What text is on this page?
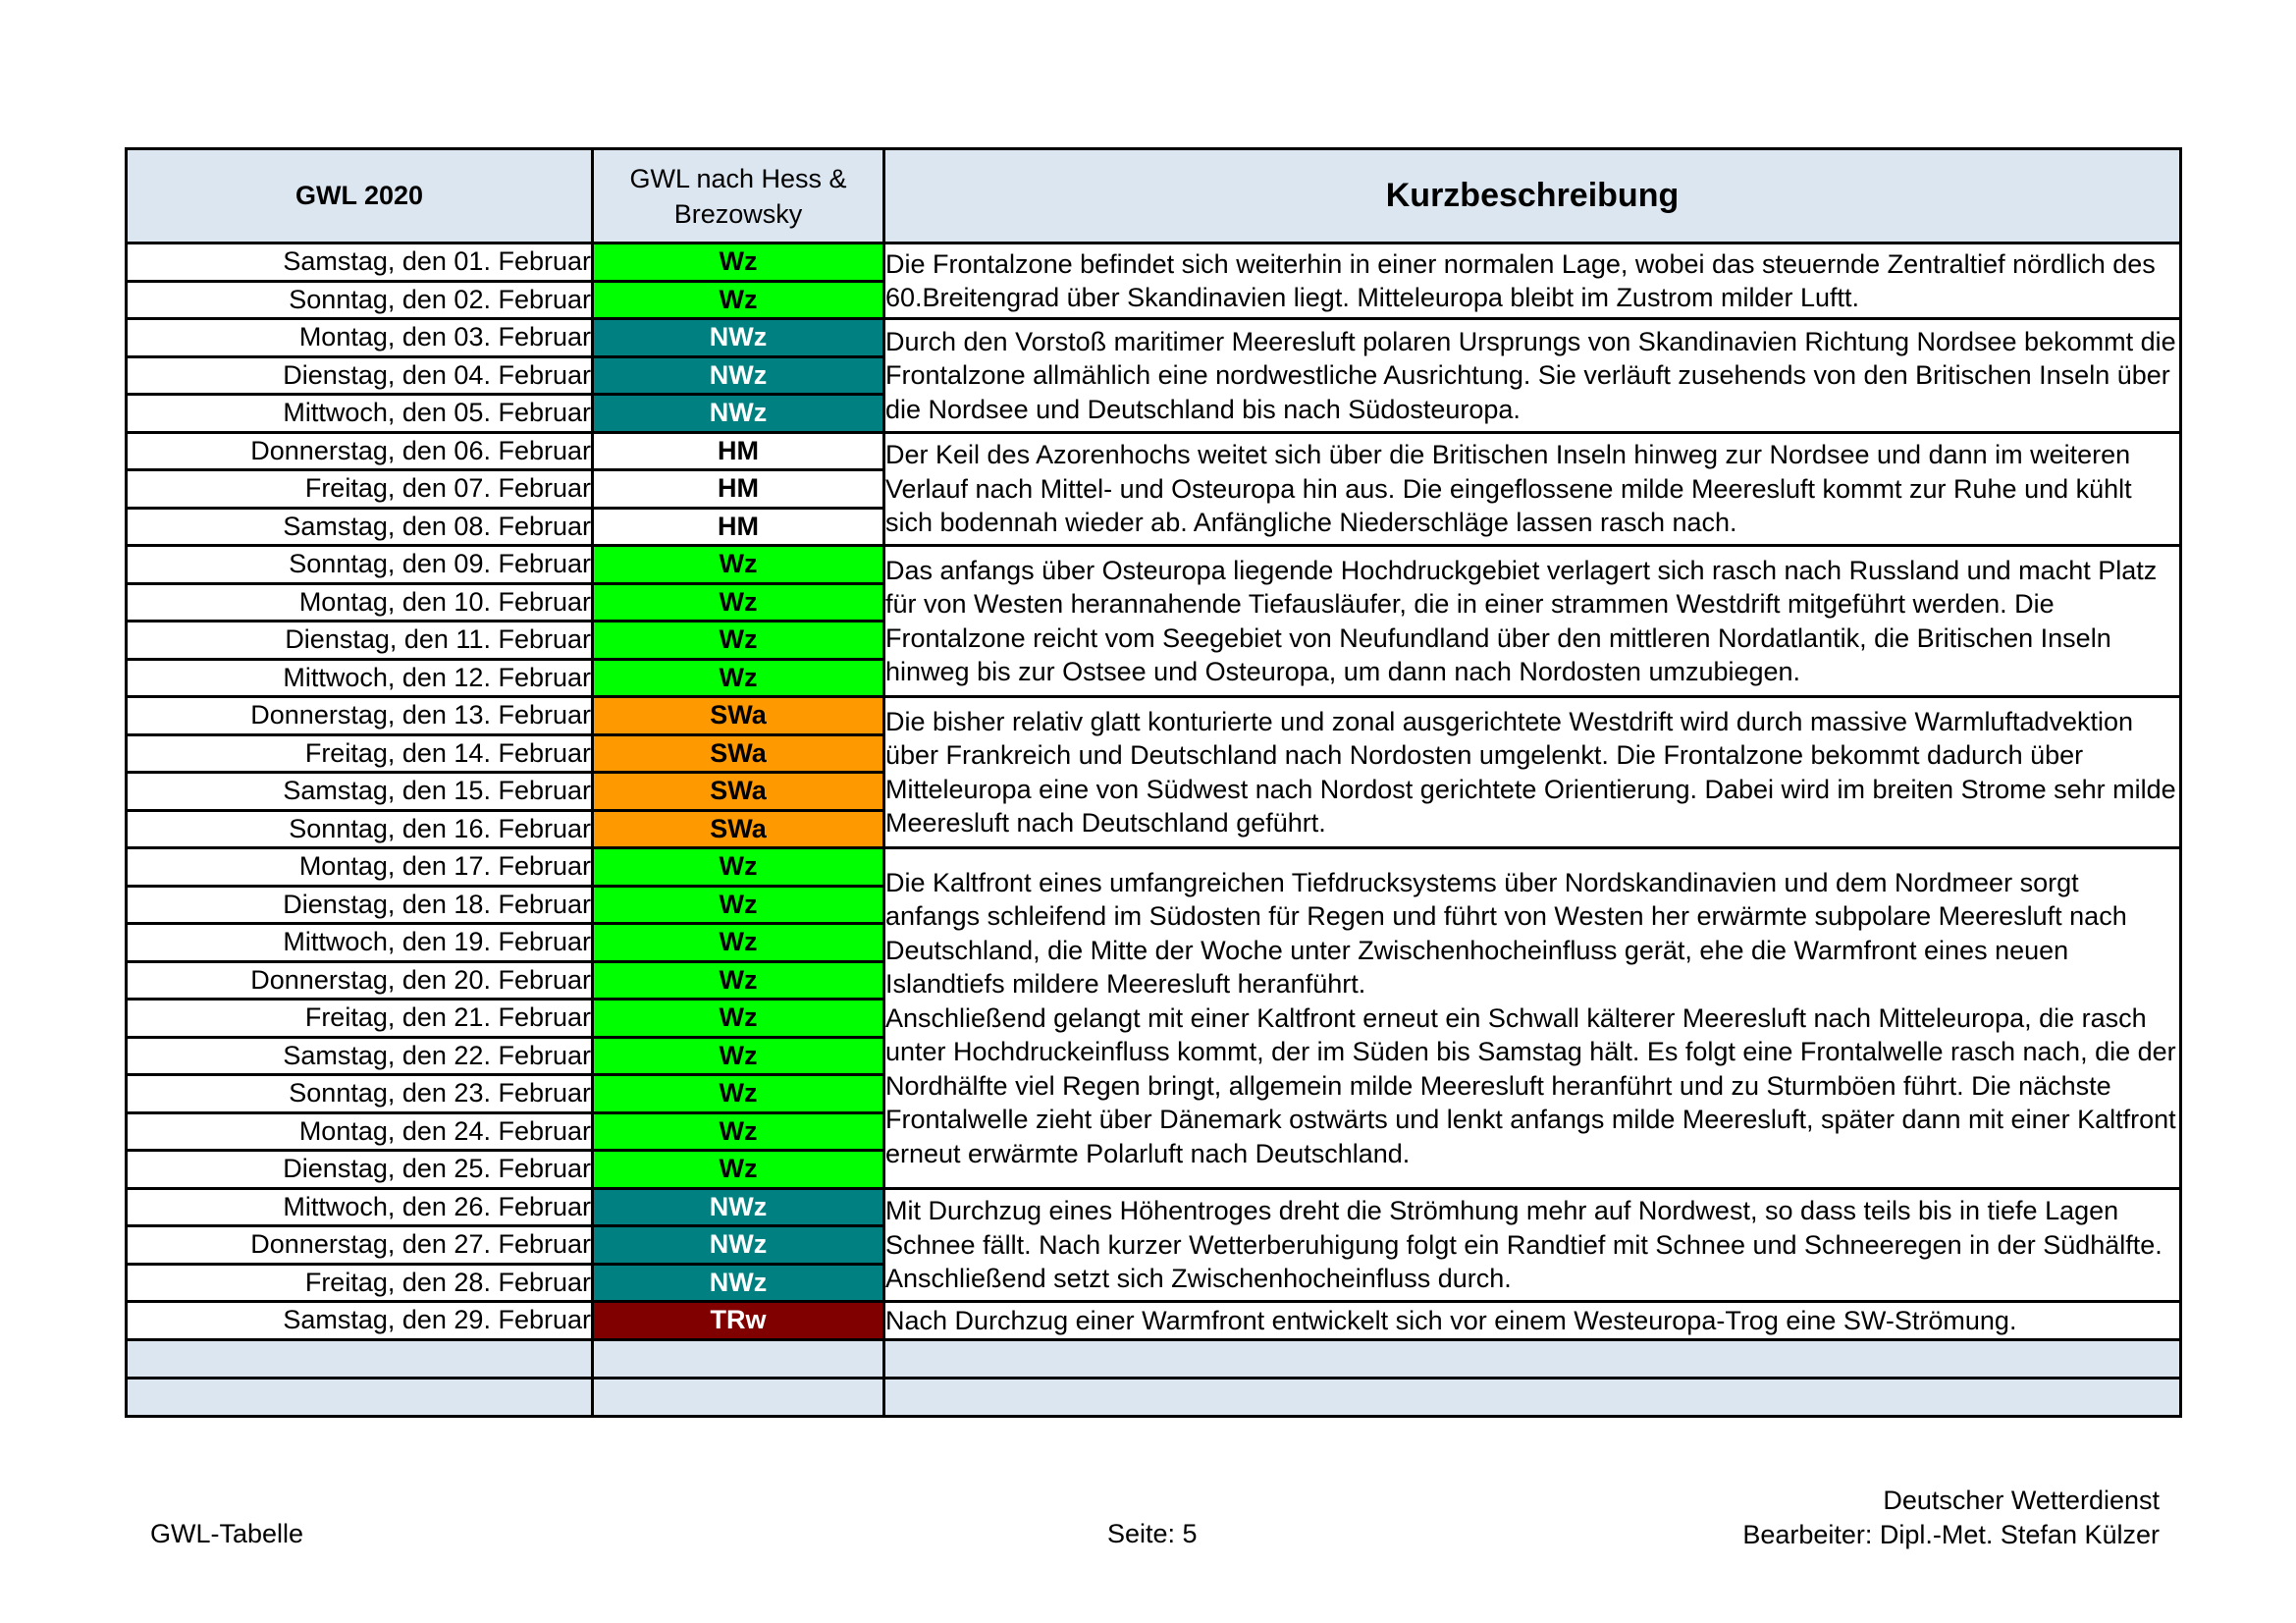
GWL 2020	GWL nach Hess & Brezowsky	Kurzbeschreibung
Samstag, den 01. Februar	Wz	Die Frontalzone befindet sich weiterhin in einer normalen Lage, wobei das steuernde Zentraltief nördlich des 60.Breitengrad über Skandinavien liegt. Mitteleuropa bleibt im Zustrom milder Luftt.
Sonntag, den 02. Februar	Wz	
Montag, den 03. Februar	NWz	Durch den Vorstoß maritimer Meeresluft polaren Ursprungs von Skandinavien Richtung Nordsee bekommt die Frontalzone allmählich eine nordwestliche Ausrichtung. Sie verläuft zusehends von den Britischen Inseln über die Nordsee und Deutschland bis nach Südosteuropa.
Dienstag, den 04. Februar	NWz	
Mittwoch, den 05. Februar	NWz	
Donnerstag, den 06. Februar	HM	Der Keil des Azorenhochs weitet sich über die Britischen Inseln hinweg zur Nordsee und dann im weiteren Verlauf nach Mittel- und Osteuropa hin aus. Die eingeflossene milde Meeresluft kommt zur Ruhe und kühlt sich bodennah wieder ab. Anfängliche Niederschläge lassen rasch nach.
Freitag, den 07. Februar	HM	
Samstag, den 08. Februar	HM	
Sonntag, den 09. Februar	Wz	Das anfangs über Osteuropa liegende Hochdruckgebiet verlagert sich rasch nach Russland und macht Platz für von Westen herannahende Tiefausläufer, die in einer strammen Westdrift mitgeführt werden. Die Frontalzone reicht vom Seegebiet von Neufundland über den mittleren Nordatlantik, die Britischen Inseln hinweg bis zur Ostsee und Osteuropa, um dann nach Nordosten umzubiegen.
Montag, den 10. Februar	Wz	
Dienstag, den 11. Februar	Wz	
Mittwoch, den 12. Februar	Wz	
Donnerstag, den 13. Februar	SWa	Die bisher relativ glatt konturierte und zonal ausgerichtete Westdrift wird durch massive Warmluftadvektion über Frankreich und Deutschland nach Nordosten umgelenkt. Die Frontalzone bekommt dadurch über Mitteleuropa eine von Südwest nach Nordost gerichtete Orientierung. Dabei wird im breiten Strome sehr milde Meeresluft nach Deutschland geführt.
Freitag, den 14. Februar	SWa	
Samstag, den 15. Februar	SWa	
Sonntag, den 16. Februar	SWa	
Montag, den 17. Februar	Wz	Die Kaltfront eines umfangreichen Tiefdrucksystems über Nordskandinavien und dem Nordmeer sorgt anfangs schleifend im Südosten für Regen und führt von Westen her erwärmte subpolare Meeresluft nach Deutschland, die Mitte der Woche unter Zwischenhocheinfluss gerät, ehe die Warmfront eines neuen Islandtiefs mildere Meeresluft heranführt.
Anschließend gelangt mit einer Kaltfront erneut ein Schwall kälterer Meeresluft nach Mitteleuropa, die rasch unter Hochdruckeinfluss kommt, der im Süden bis Samstag hält. Es folgt eine Frontalwelle rasch nach, die der Nordhälfte viel Regen bringt, allgemein milde Meeresluft heranführt und zu Sturmböen führt. Die nächste Frontalwelle zieht über Dänemark ostwärts und lenkt anfangs milde Meeresluft, später dann mit einer Kaltfront erneut erwärmte Polarluft nach Deutschland.
Dienstag, den 18. Februar	Wz	
Mittwoch, den 19. Februar	Wz	
Donnerstag, den 20. Februar	Wz	
Freitag, den 21. Februar	Wz	
Samstag, den 22. Februar	Wz	
Sonntag, den 23. Februar	Wz	
Montag, den 24. Februar	Wz	
Dienstag, den 25. Februar	Wz	
Mittwoch, den 26. Februar	NWz	Mit Durchzug eines Höhentroges dreht die Strömhung mehr auf Nordwest, so dass teils bis in tiefe Lagen Schnee fällt. Nach kurzer Wetterberuhigung folgt ein Randtief mit Schnee und Schneeregen in der Südhälfte. Anschließend setzt sich Zwischenhocheinfluss durch.
Donnerstag, den 27. Februar	NWz	
Freitag, den 28. Februar	NWz	
Samstag, den 29. Februar	TRw	Nach Durchzug einer Warmfront entwickelt sich vor einem Westeuropa-Trog eine SW-Strömung.

GWL-Tabelle	Seite: 5
Deutscher Wetterdienst
Bearbeiter: Dipl.-Met. Stefan Külzer
